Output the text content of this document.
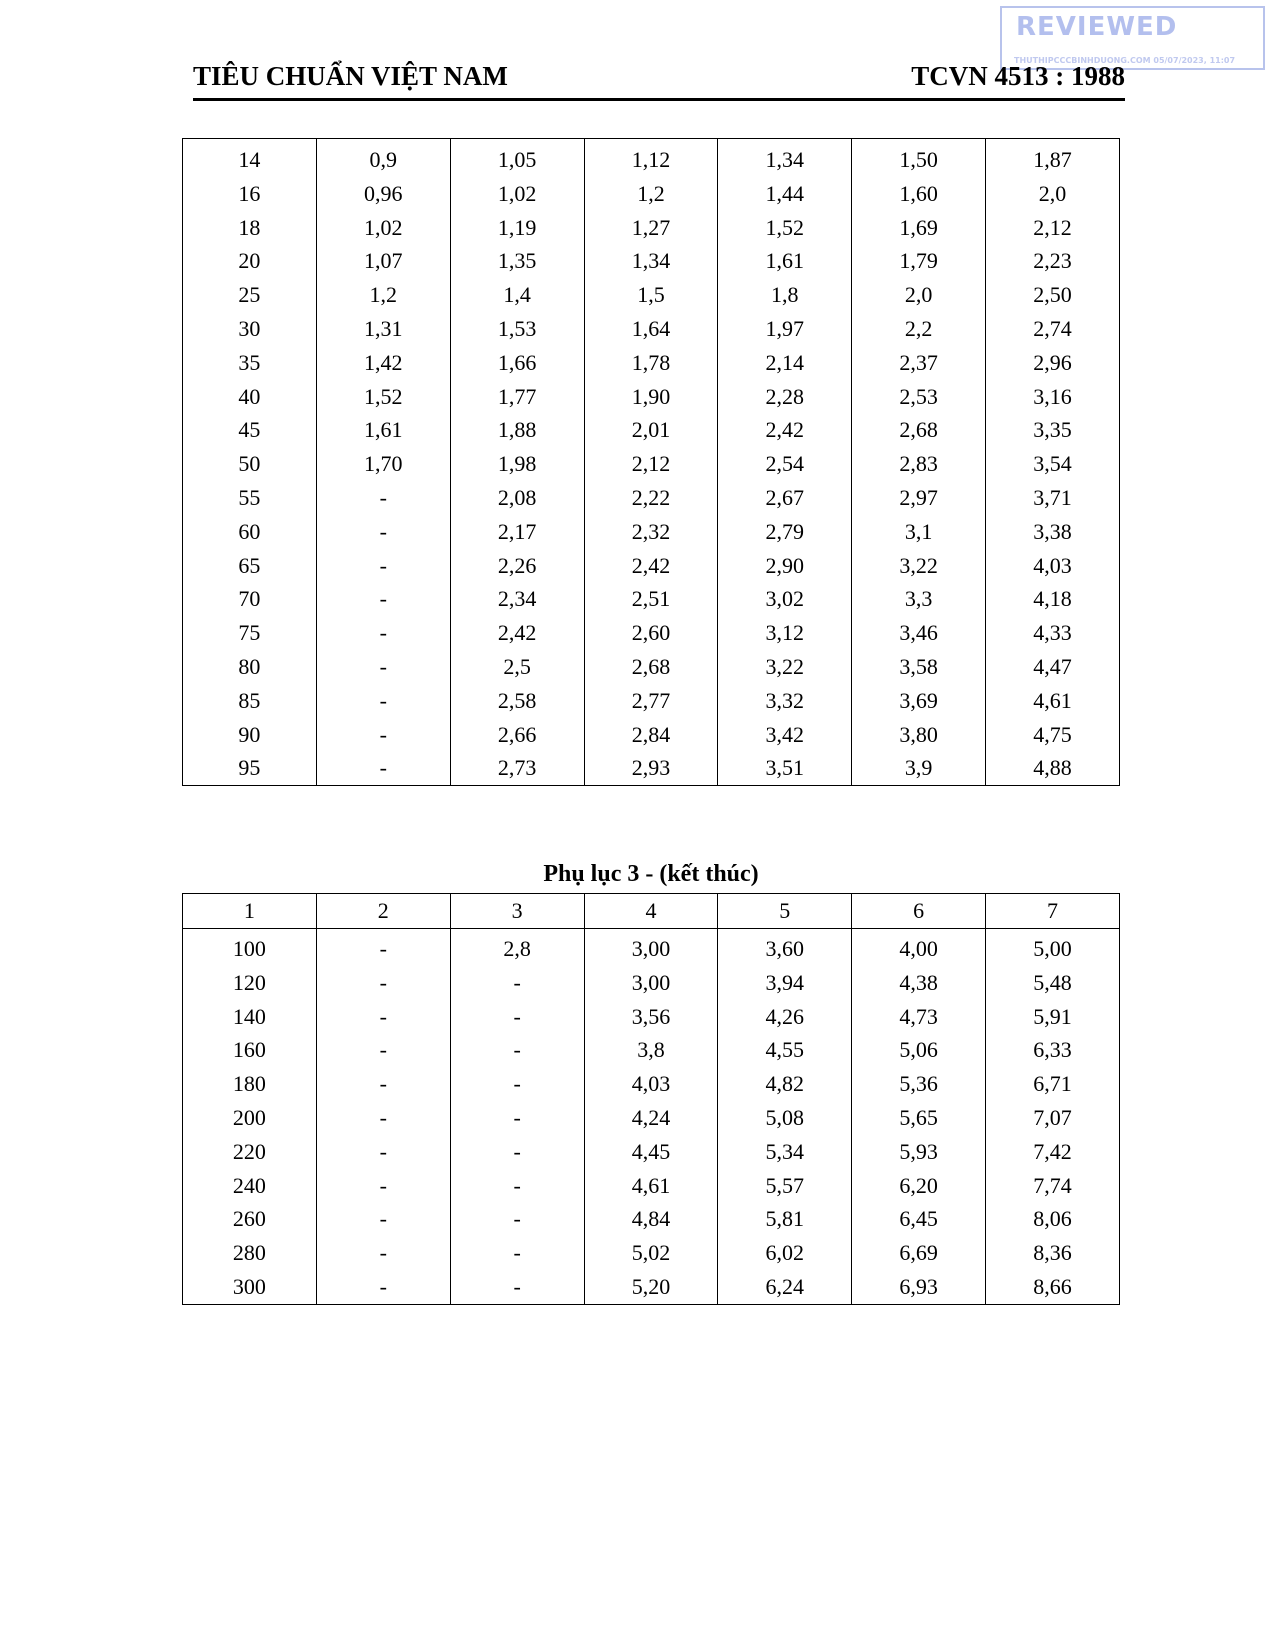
REVIEWED
THUTHIPCCCBINHDUONG.COM 05/07/2023, 11:07
TIÊU CHUẨN VIỆT NAM	TCVN 4513 : 1988
14	0,9	1,05	1,12	1,34	1,50	1,87
16	0,96	1,02	1,2	1,44	1,60	2,0
18	1,02	1,19	1,27	1,52	1,69	2,12
20	1,07	1,35	1,34	1,61	1,79	2,23
25	1,2	1,4	1,5	1,8	2,0	2,50
30	1,31	1,53	1,64	1,97	2,2	2,74
35	1,42	1,66	1,78	2,14	2,37	2,96
40	1,52	1,77	1,90	2,28	2,53	3,16
45	1,61	1,88	2,01	2,42	2,68	3,35
50	1,70	1,98	2,12	2,54	2,83	3,54
55	-	2,08	2,22	2,67	2,97	3,71
60	-	2,17	2,32	2,79	3,1	3,38
65	-	2,26	2,42	2,90	3,22	4,03
70	-	2,34	2,51	3,02	3,3	4,18
75	-	2,42	2,60	3,12	3,46	4,33
80	-	2,5	2,68	3,22	3,58	4,47
85	-	2,58	2,77	3,32	3,69	4,61
90	-	2,66	2,84	3,42	3,80	4,75
95	-	2,73	2,93	3,51	3,9	4,88
Phụ lục 3 - (kết thúc)
1	2	3	4	5	6	7
100	-	2,8	3,00	3,60	4,00	5,00
120	-	-	3,00	3,94	4,38	5,48
140	-	-	3,56	4,26	4,73	5,91
160	-	-	3,8	4,55	5,06	6,33
180	-	-	4,03	4,82	5,36	6,71
200	-	-	4,24	5,08	5,65	7,07
220	-	-	4,45	5,34	5,93	7,42
240	-	-	4,61	5,57	6,20	7,74
260	-	-	4,84	5,81	6,45	8,06
280	-	-	5,02	6,02	6,69	8,36
300	-	-	5,20	6,24	6,93	8,66
